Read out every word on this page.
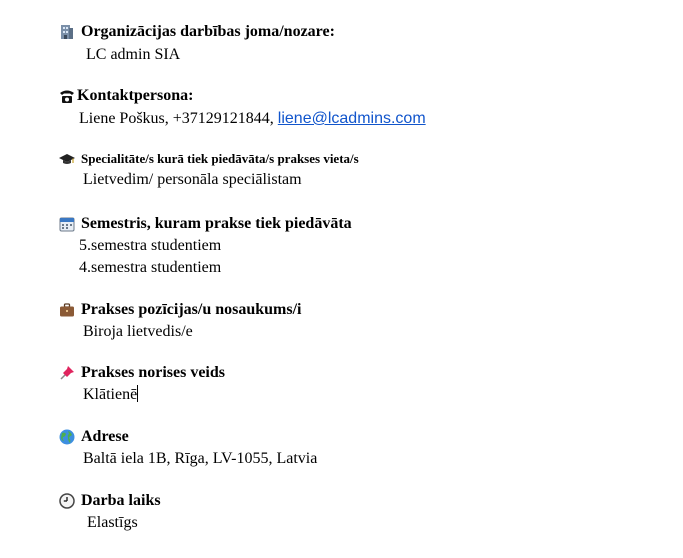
Organizācijas darbības joma/nozare:
LC admin SIA
Kontaktpersona:
Liene Poškus, +37129121844, liene@lcadmins.com
Specialitāte/s kurā tiek piedāvāta/s prakses vieta/s
Lietvedim/ personāla speciālistam
Semestris, kuram prakse tiek piedāvāta
5.semestra studentiem
4.semestra studentiem
Prakses pozīcijas/u nosaukums/i
Biroja lietvedis/e
Prakses norises veids
Klātienē
Adrese
Baltā iela 1B, Rīga, LV-1055, Latvia
Darba laiks
Elastīgs
